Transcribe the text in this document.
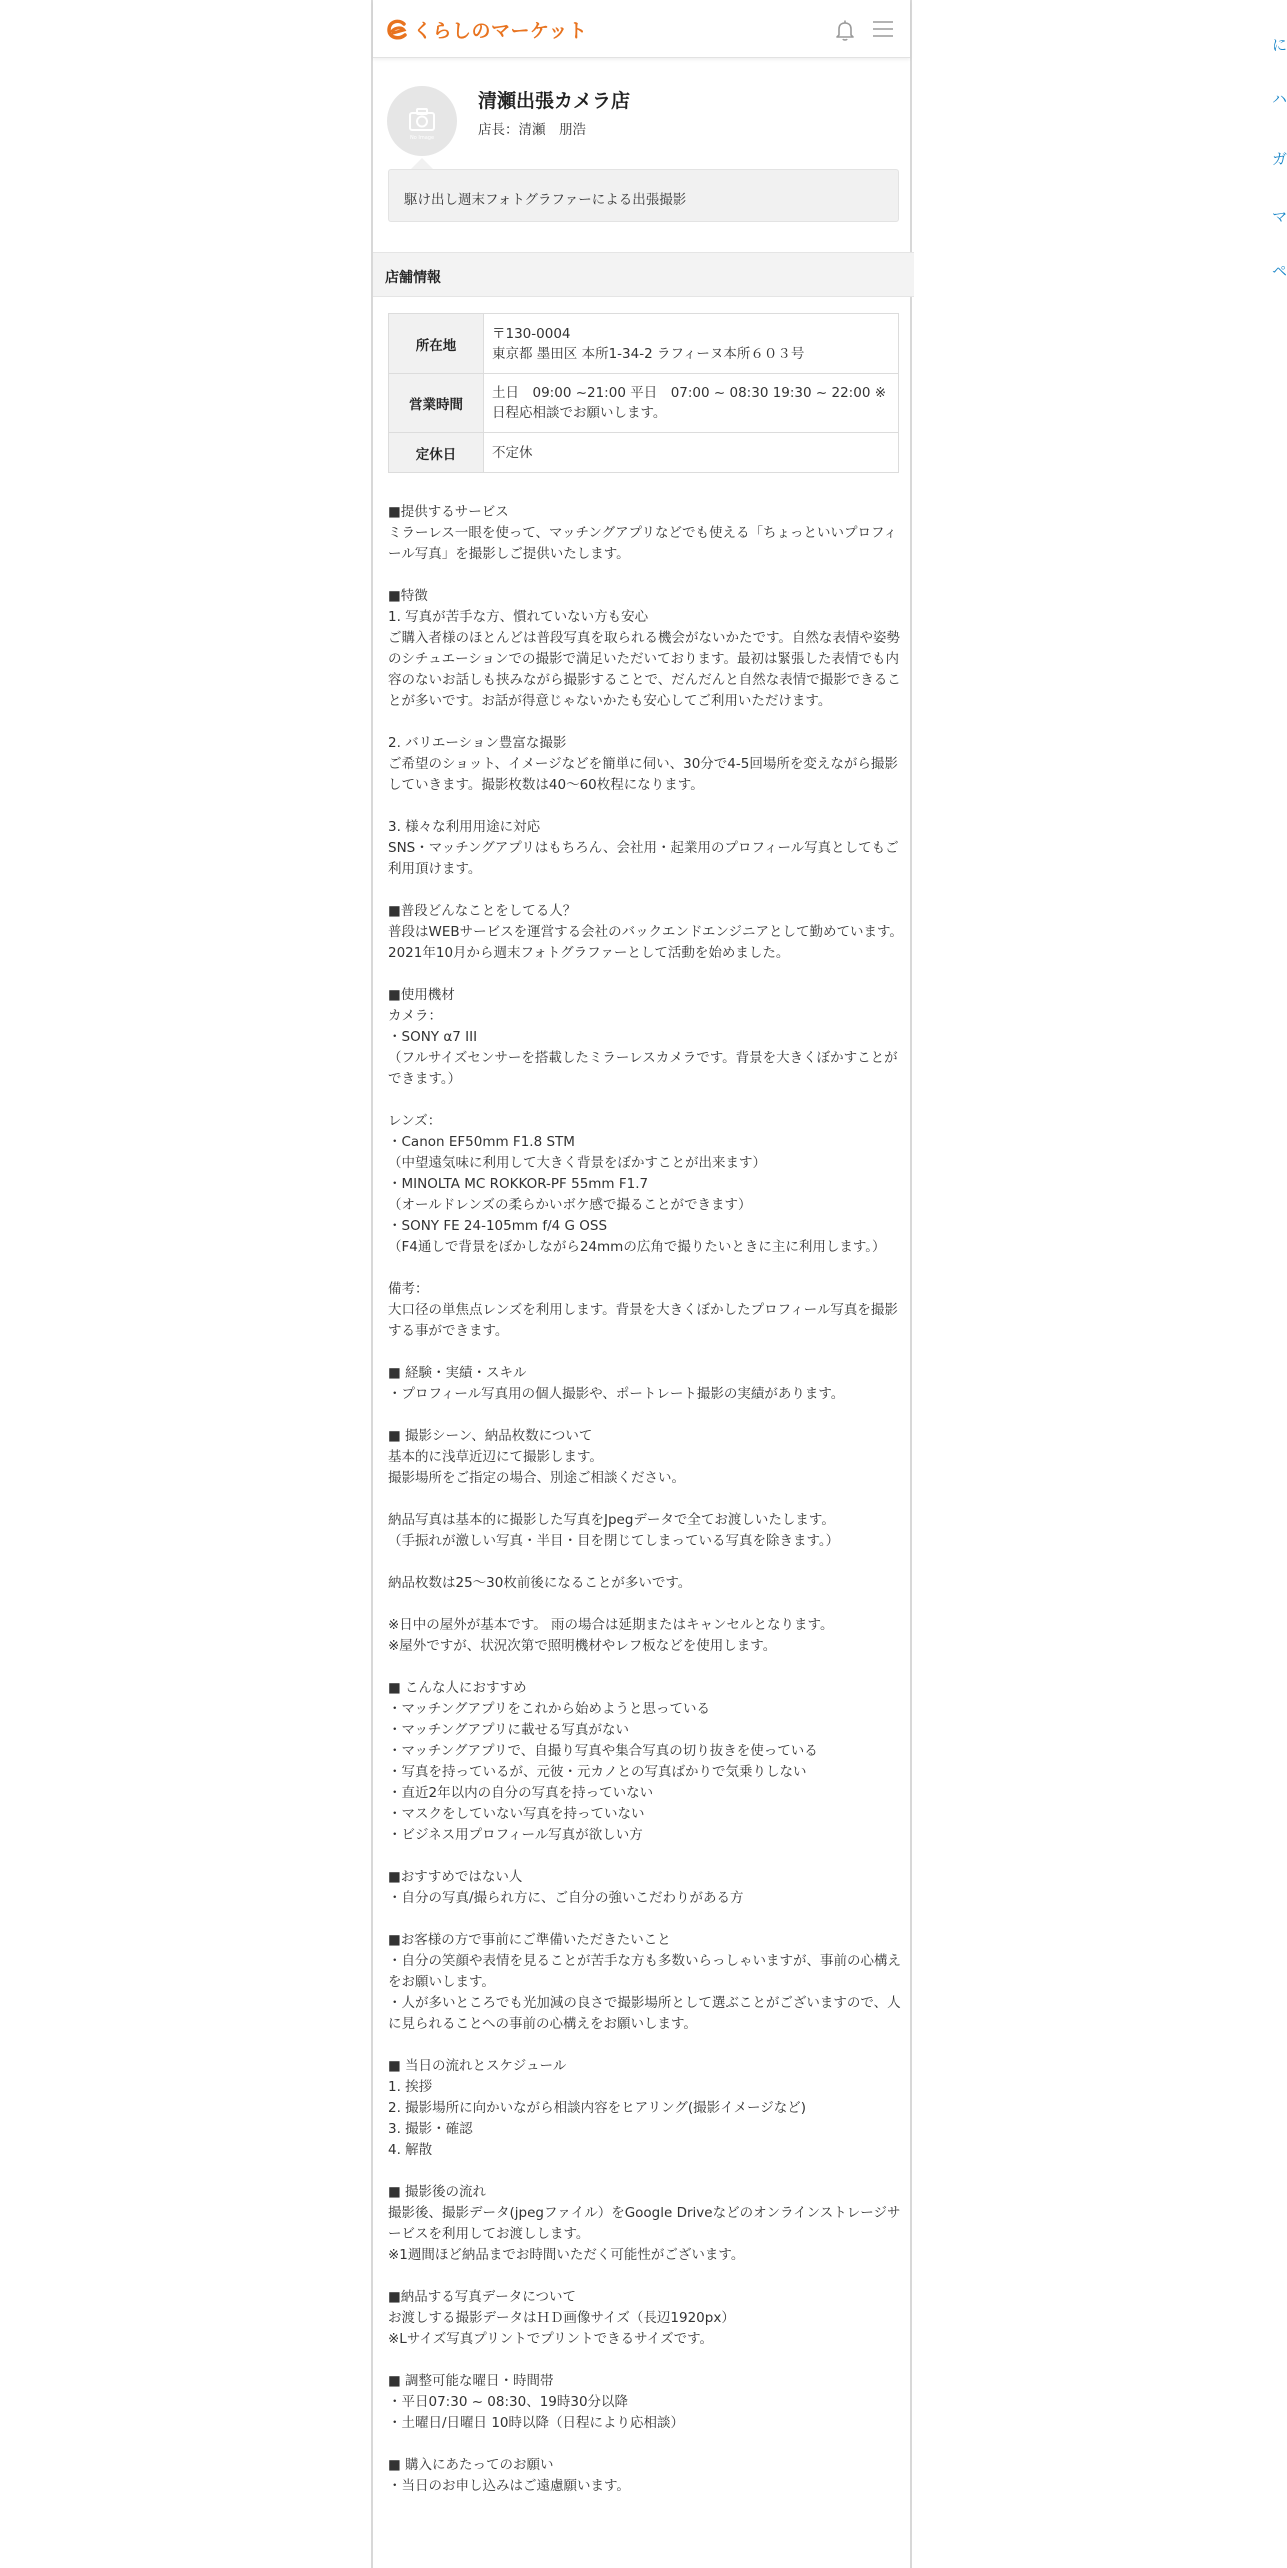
くらしのマーケット
No Image
清瀬出張カメラ店
店長：清瀬　朋浩
駆け出し週末フォトグラファーによる出張撮影
店舗情報
所在地	〒130-0004
東京都 墨田区 本所1-34-2 ラフィーヌ本所６０３号

営業時間	土日　09:00 ~21:00 平日　07:00 ~ 08:30 19:30 ~ 22:00 ※日程応相談でお願いします。
定休日	不定休

■提供するサービス

ミラーレス一眼を使って、マッチングアプリなどでも使える「ちょっといいプロフィール写真」を撮影しご提供いたします。

■特徴

1. 写真が苦手な方、慣れていない方も安心

ご購入者様のほとんどは普段写真を取られる機会がないかたです。自然な表情や姿勢のシチュエーションでの撮影で満足いただいております。最初は緊張した表情でも内容のないお話しも挟みながら撮影することで、だんだんと自然な表情で撮影できることが多いです。お話が得意じゃないかたも安心してご利用いただけます。

2. バリエーション豊富な撮影

ご希望のショット、イメージなどを簡単に伺い、30分で4-5回場所を変えながら撮影していきます。撮影枚数は40～60枚程になります。

3. 様々な利用用途に対応

SNS・マッチングアプリはもちろん、会社用・起業用のプロフィール写真としてもご利用頂けます。

■普段どんなことをしてる人？

普段はWEBサービスを運営する会社のバックエンドエンジニアとして勤めています。

2021年10月から週末フォトグラファーとして活動を始めました。

■使用機材

カメラ：

・SONY α7 III

（フルサイズセンサーを搭載したミラーレスカメラです。背景を大きくぼかすことができます。）

レンズ：

・Canon EF50mm F1.8 STM

（中望遠気味に利用して大きく背景をぼかすことが出来ます）

・MINOLTA MC ROKKOR-PF 55mm F1.7

（オールドレンズの柔らかいボケ感で撮ることができます）

・SONY FE 24-105mm f/4 G OSS

（F4通しで背景をぼかしながら24mmの広角で撮りたいときに主に利用します。）

備考：

大口径の単焦点レンズを利用します。背景を大きくぼかしたプロフィール写真を撮影する事ができます。

■ 経験・実績・スキル

・プロフィール写真用の個人撮影や、ポートレート撮影の実績があります。

■ 撮影シーン、納品枚数について

基本的に浅草近辺にて撮影します。

撮影場所をご指定の場合、別途ご相談ください。

納品写真は基本的に撮影した写真をJpegデータで全てお渡しいたします。

（手振れが激しい写真・半目・目を閉じてしまっている写真を除きます。）

納品枚数は25〜30枚前後になることが多いです。

※日中の屋外が基本です。 雨の場合は延期またはキャンセルとなります。

※屋外ですが、状況次第で照明機材やレフ板などを使用します。

■ こんな人におすすめ

・マッチングアプリをこれから始めようと思っている

・マッチングアプリに載せる写真がない

・マッチングアプリで、自撮り写真や集合写真の切り抜きを使っている

・写真を持っているが、元彼・元カノとの写真ばかりで気乗りしない

・直近2年以内の自分の写真を持っていない

・マスクをしていない写真を持っていない

・ビジネス用プロフィール写真が欲しい方

■おすすめではない人

・自分の写真/撮られ方に、ご自分の強いこだわりがある方

■お客様の方で事前にご準備いただきたいこと

・自分の笑顔や表情を見ることが苦手な方も多数いらっしゃいますが、事前の心構えをお願いします。

・人が多いところでも光加減の良さで撮影場所として選ぶことがございますので、人に見られることへの事前の心構えをお願いします。

■ 当日の流れとスケジュール

1. 挨拶

2. 撮影場所に向かいながら相談内容をヒアリング(撮影イメージなど)

3. 撮影・確認

4. 解散

■ 撮影後の流れ

撮影後、撮影データ(jpegファイル）をGoogle Driveなどのオンラインストレージサービスを利用してお渡しします。

※1週間ほど納品までお時間いただく可能性がございます。

■納品する写真データについて

お渡しする撮影データはＨＤ画像サイズ（長辺1920px）

※Lサイズ写真プリントでプリントできるサイズです。

■ 調整可能な曜日・時間帯

・平日07:30 ~ 08:30、19時30分以降

・土曜日/日曜日 10時以降（日程により応相談）

■ 購入にあたってのお願い

・当日のお申し込みはご遠慮願います。

に
ハ
ガ
マ
ペ
